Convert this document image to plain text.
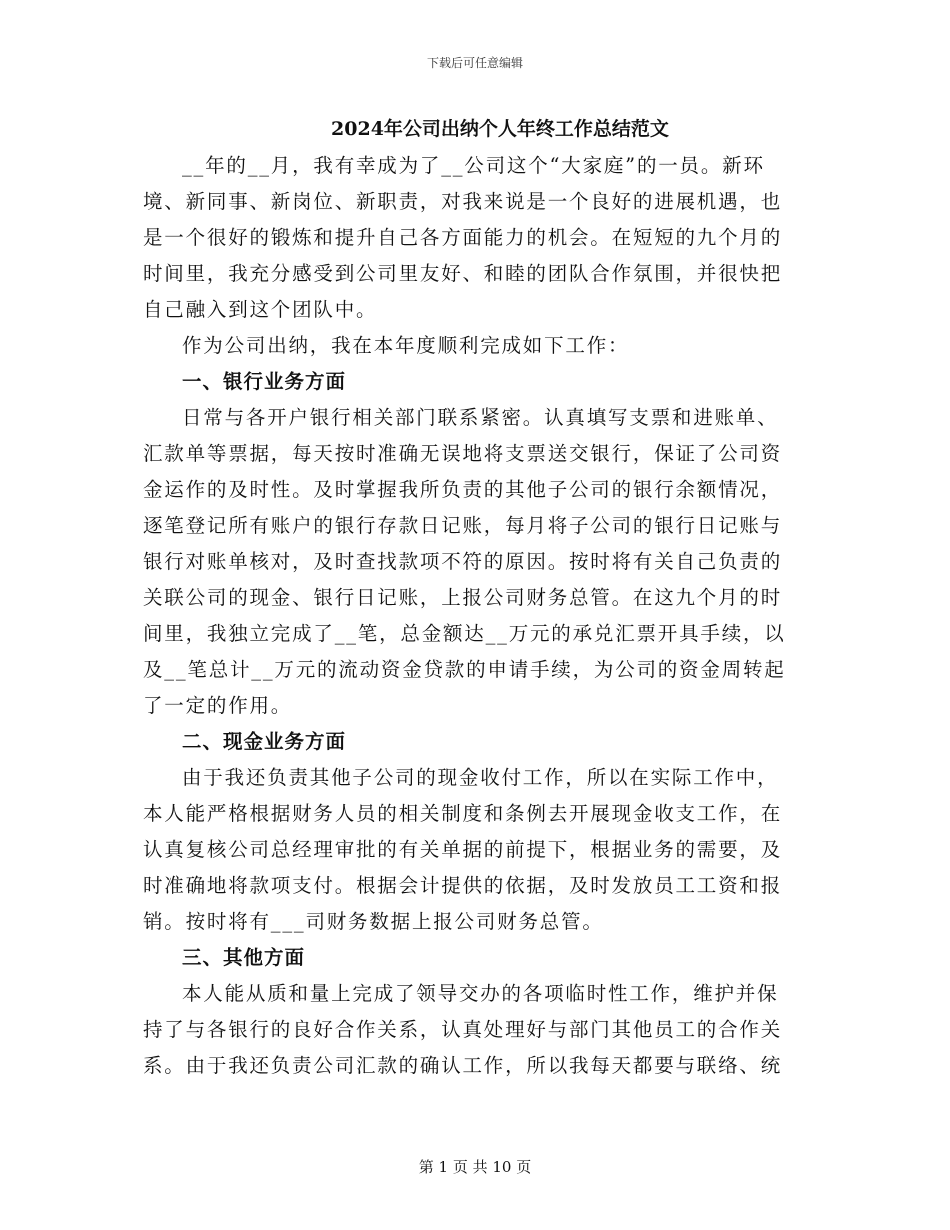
下载后可任意编辑
2024年公司出纳个人年终工作总结范文

__年的__月，我有幸成为了__公司这个“大家庭”的一员。新环境、新同事、新岗位、新职责，对我来说是一个良好的进展机遇，也是一个很好的锻炼和提升自己各方面能力的机会。在短短的九个月的时间里，我充分感受到公司里友好、和睦的团队合作氛围，并很快把自己融入到这个团队中。

作为公司出纳，我在本年度顺利完成如下工作：

一、银行业务方面

日常与各开户银行相关部门联系紧密。认真填写支票和进账单、汇款单等票据，每天按时准确无误地将支票送交银行，保证了公司资金运作的及时性。及时掌握我所负责的其他子公司的银行余额情况，逐笔登记所有账户的银行存款日记账，每月将子公司的银行日记账与银行对账单核对，及时查找款项不符的原因。按时将有关自己负责的关联公司的现金、银行日记账，上报公司财务总管。在这九个月的时间里，我独立完成了__笔，总金额达__万元的承兑汇票开具手续，以及__笔总计__万元的流动资金贷款的申请手续，为公司的资金周转起了一定的作用。

二、现金业务方面

由于我还负责其他子公司的现金收付工作，所以在实际工作中，本人能严格根据财务人员的相关制度和条例去开展现金收支工作，在认真复核公司总经理审批的有关单据的前提下，根据业务的需要，及时准确地将款项支付。根据会计提供的依据，及时发放员工工资和报销。按时将有___司财务数据上报公司财务总管。

三、其他方面

本人能从质和量上完成了领导交办的各项临时性工作，维护并保持了与各银行的良好合作关系，认真处理好与部门其他员工的合作关系。由于我还负责公司汇款的确认工作，所以我每天都要与联络、统

第 1 页 共 10 页
